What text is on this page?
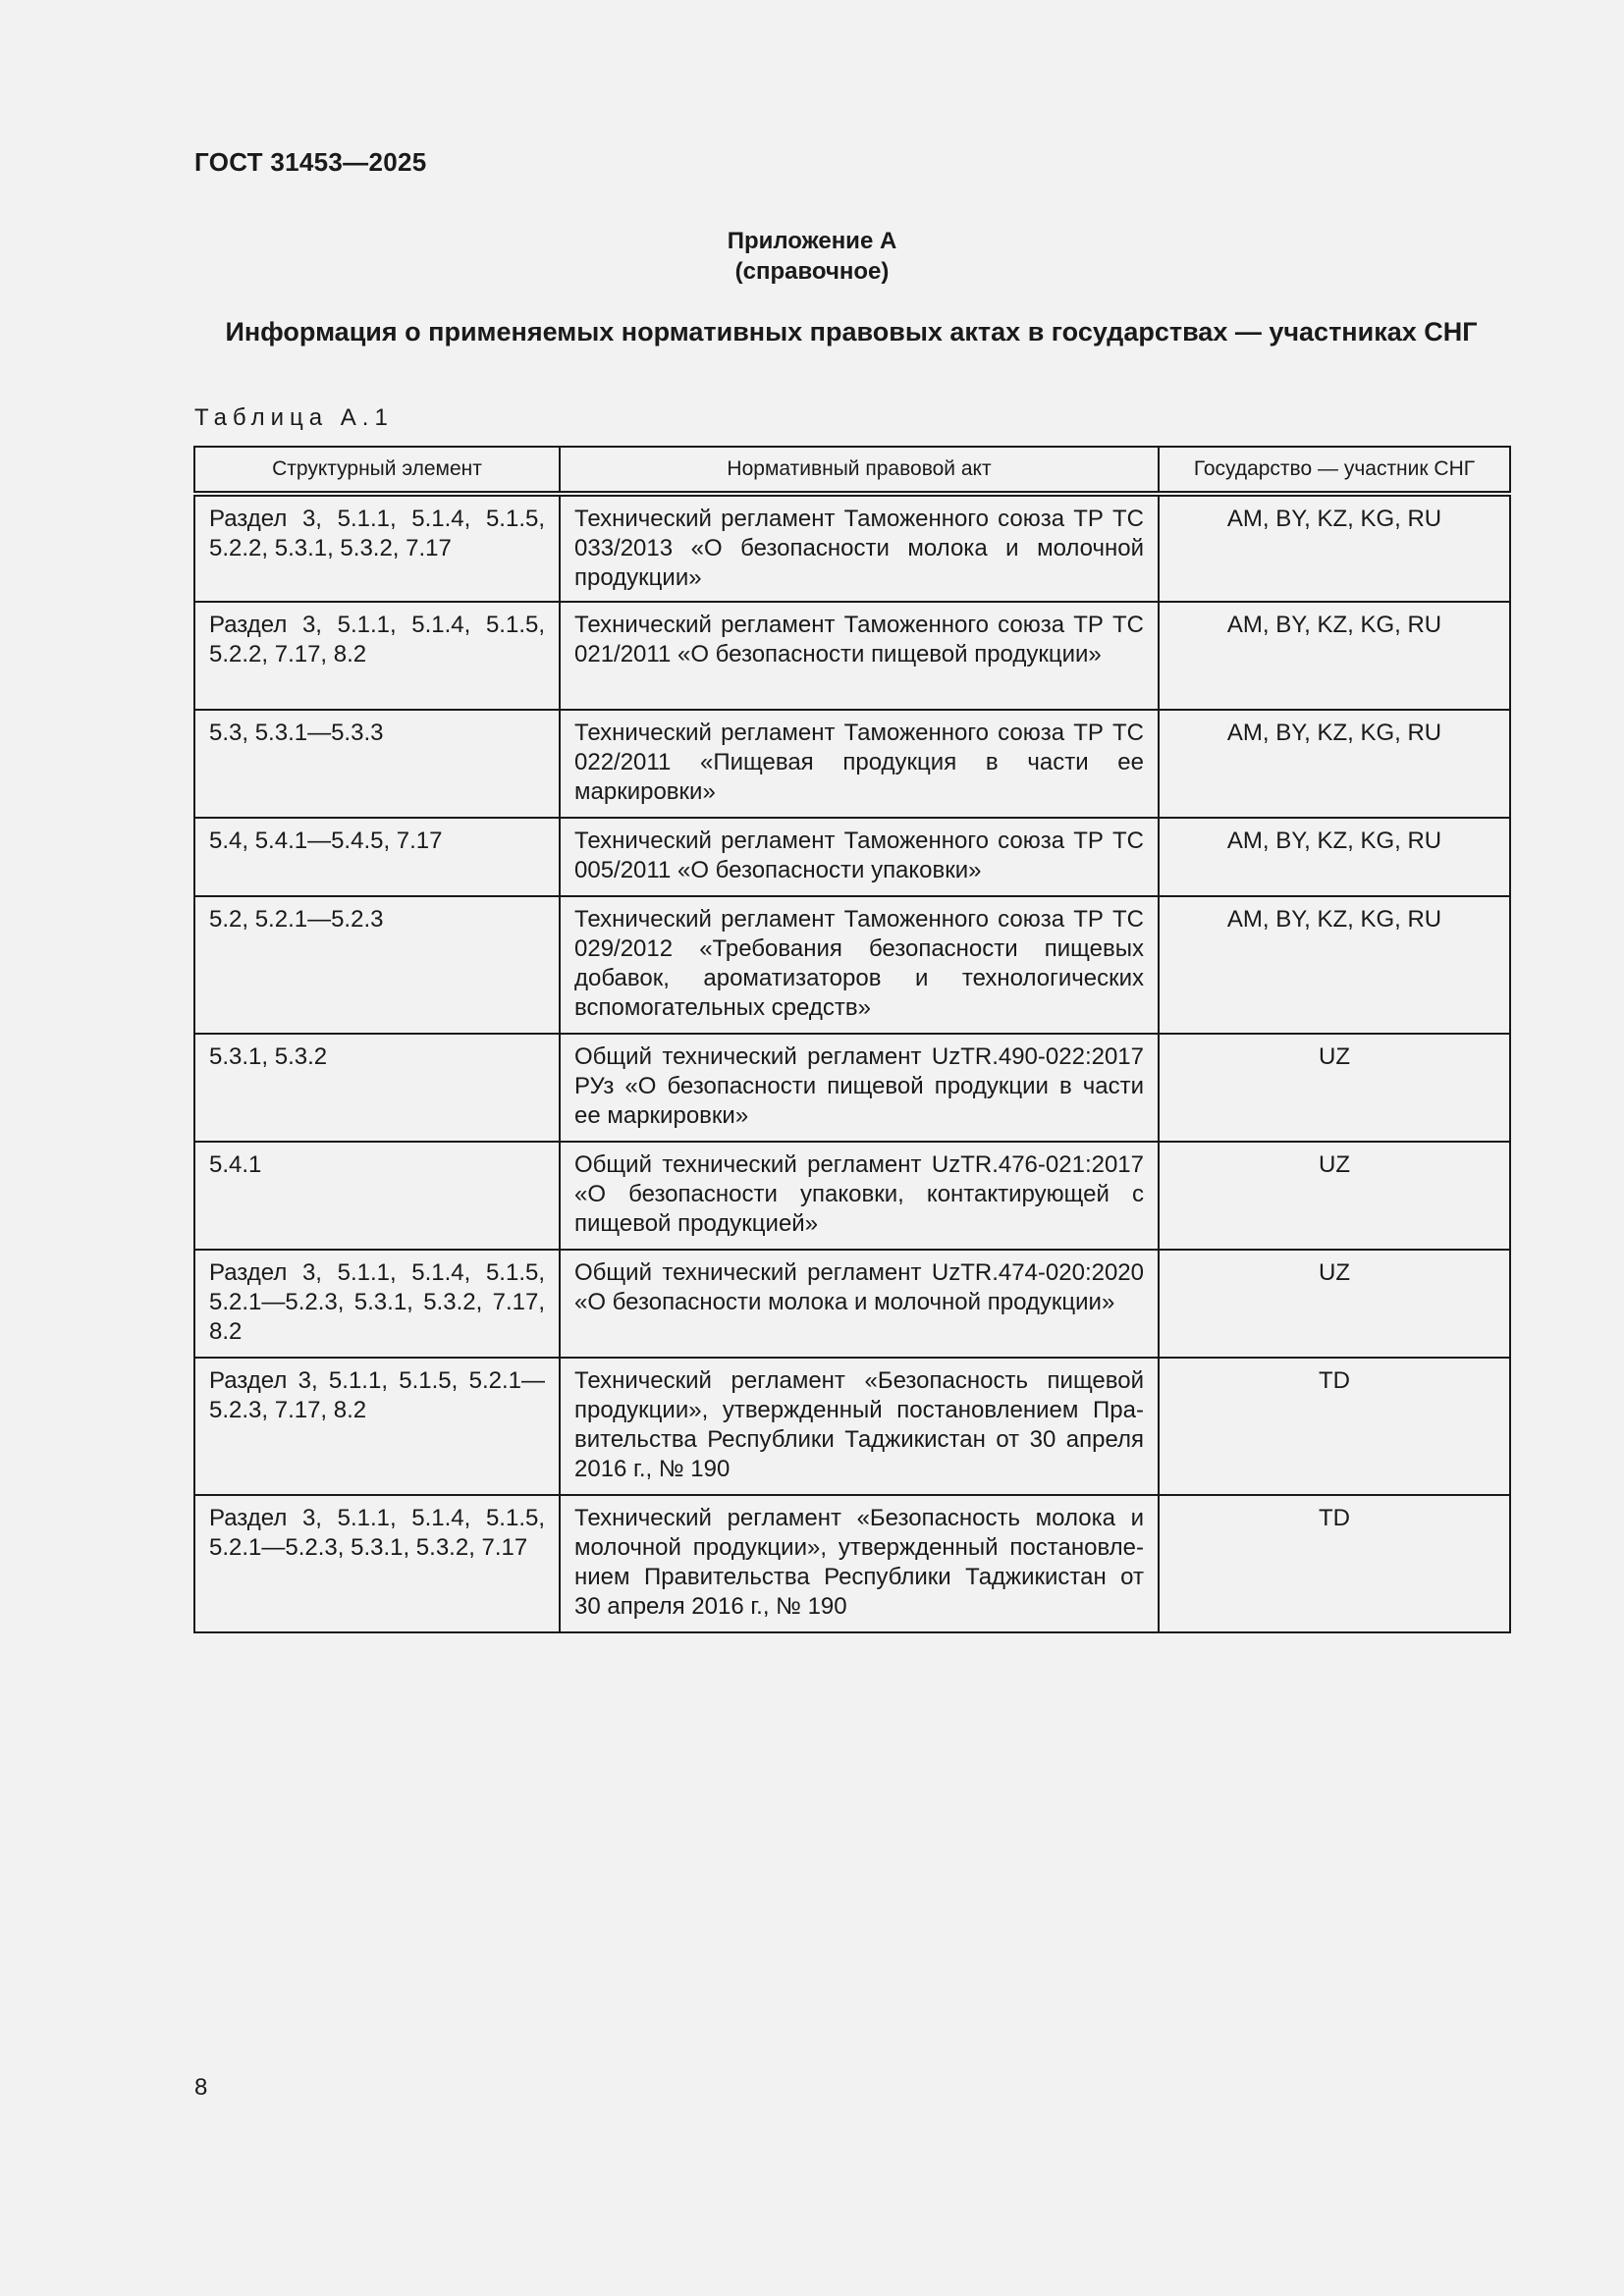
ГОСТ 31453—2025
Приложение А
(справочное)
Информация о применяемых нормативных правовых актах в государствах — участниках СНГ
Таблица А.1
Структурный элемент	Нормативный правовой акт	Государство — участник СНГ
Раздел 3, 5.1.1, 5.1.4, 5.1.5, 5.2.2, 5.3.1, 5.3.2, 7.17	Технический регламент Таможенного союза ТР ТС 033/2013 «О безопасности молока и молочной продукции»	AM, BY, KZ, KG, RU
Раздел 3, 5.1.1, 5.1.4, 5.1.5, 5.2.2, 7.17, 8.2	Технический регламент Таможенного союза ТР ТС 021/2011 «О безопасности пищевой продукции»	AM, BY, KZ, KG, RU
5.3, 5.3.1—5.3.3	Технический регламент Таможенного союза ТР ТС 022/2011 «Пищевая продукция в части ее маркировки»	AM, BY, KZ, KG, RU
5.4, 5.4.1—5.4.5, 7.17	Технический регламент Таможенного союза ТР ТС 005/2011 «О безопасности упаковки»	AM, BY, KZ, KG, RU
5.2, 5.2.1—5.2.3	Технический регламент Таможенного союза ТР ТС 029/2012 «Требования безопасности пищевых добавок, ароматизаторов и технологических вспомогательных средств»	AM, BY, KZ, KG, RU
5.3.1, 5.3.2	Общий технический регламент UzTR.490-022:2017 РУз «О безопасности пищевой продукции в части ее маркировки»	UZ
5.4.1	Общий технический регламент UzTR.476-021:2017 «О безопасности упаковки, контактирующей с пищевой продукцией»	UZ
Раздел 3, 5.1.1, 5.1.4, 5.1.5, 5.2.1—5.2.3, 5.3.1, 5.3.2, 7.17, 8.2	Общий технический регламент UzTR.474-020:2020 «О безопасности молока и молочной продукции»	UZ
Раздел 3, 5.1.1, 5.1.5, 5.2.1—5.2.3, 7.17, 8.2	Технический регламент «Безопасность пищевой продукции», утвержденный постановлением Правительства Республики Таджикистан от 30 апреля 2016 г., № 190	TD
Раздел 3, 5.1.1, 5.1.4, 5.1.5, 5.2.1—5.2.3, 5.3.1, 5.3.2, 7.17	Технический регламент «Безопасность молока и молочной продукции», утвержденный постановлением Правительства Республики Таджикистан от 30 апреля 2016 г., № 190	TD
8
